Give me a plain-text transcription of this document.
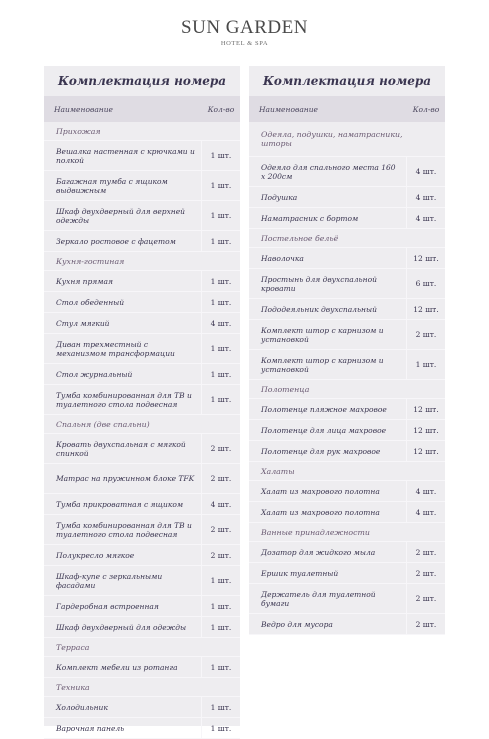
SUN GARDEN
HOTEL & SPA
Комплектация номера
Наименование	Кол-во
Прихожая
Вешалка настенная с крючками и полкой	1 шт.
Багажная тумба с ящиком выдвижным	1 шт.
Шкаф двухдверный для верхней одежды	1 шт.
Зеркало ростовое с фацетом	1 шт.
Кухня-гостиная
Кухня прямая	1 шт.
Стол обеденный	1 шт.
Стул мягкий	4 шт.
Диван трехместный с механизмом трансформации	1 шт.
Стол журнальный	1 шт.
Тумба комбинированная для ТВ и туалетного стола подвесная	1 шт.
Спальня (две спальни)
Кровать двухспальная с мягкой спинкой	2 шт.
Матрас на пружинном блоке TFK	2 шт.
Тумба прикроватная с ящиком	4 шт.
Тумба комбинированная для ТВ и туалетного стола подвесная	2 шт.
Полукресло мягкое	2 шт.
Шкаф-купе с зеркальными фасадами	1 шт.
Гардеробная встроенная	1 шт.
Шкаф двухдверный для одежды	1 шт.
Терраса
Комплект мебели из ротанга	1 шт.
Техника
Холодильник	1 шт.
Варочная панель	1 шт.
Комплектация номера
Наименование	Кол-во
Одеяла, подушки, наматрасники, шторы
Одеяло для спального места 160 х 200см	4 шт.
Подушка	4 шт.
Наматрасник с бортом	4 шт.
Постельное бельё
Наволочка	12 шт.
Простынь для двухспальной кровати	6 шт.
Пододеяльник двухспальный	12 шт.
Комплект штор с карнизом и установкой	2 шт.
Комплект штор с карнизом и установкой	1 шт.
Полотенца
Полотенце пляжное махровое	12 шт.
Полотенце для лица махровое	12 шт.
Полотенце для рук махровое	12 шт.
Халаты
Халат из махрового полотна	4 шт.
Халат из махрового полотна	4 шт.
Ванные принадлежности
Дозатор для жидкого мыла	2 шт.
Ершик туалетный	2 шт.
Держатель для туалетной бумаги	2 шт.
Ведро для мусора	2 шт.
